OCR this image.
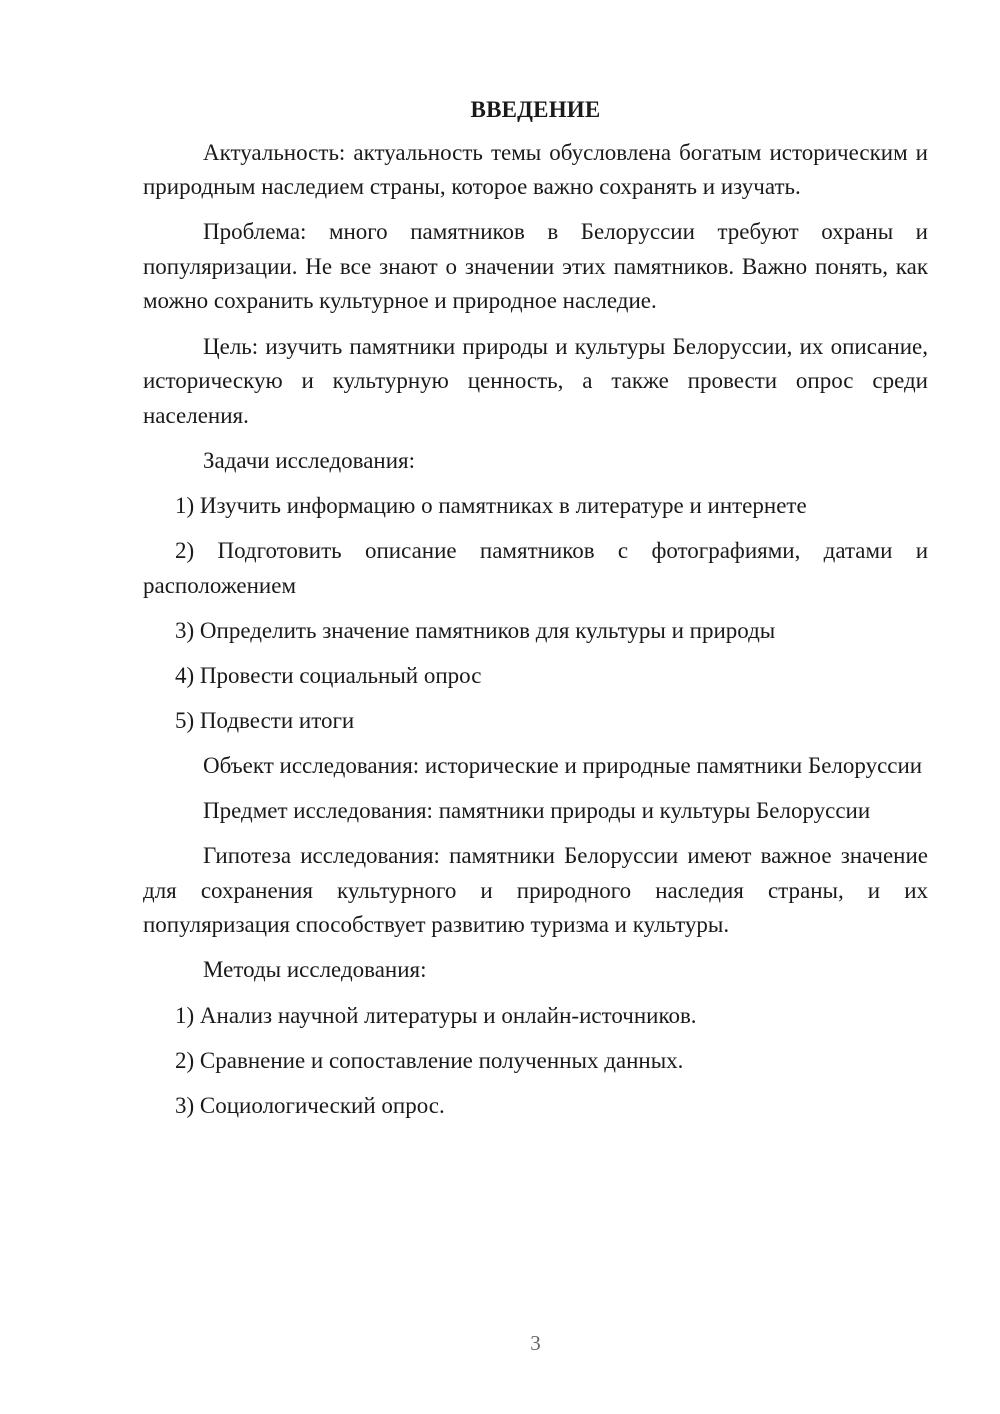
ВВЕДЕНИЕ
Актуальность: актуальность темы обусловлена богатым историческим и природным наследием страны, которое важно сохранять и изучать.
Проблема: много памятников в Белоруссии требуют охраны и популяризации. Не все знают о значении этих памятников. Важно понять, как можно сохранить культурное и природное наследие.
Цель: изучить памятники природы и культуры Белоруссии, их описание, историческую и культурную ценность, а также провести опрос среди населения.
Задачи исследования:
1) Изучить информацию о памятниках в литературе и интернете
2) Подготовить описание памятников с фотографиями, датами и расположением
3) Определить значение памятников для культуры и природы
4) Провести социальный опрос
5) Подвести итоги
Объект исследования: исторические и природные памятники Белоруссии
Предмет исследования: памятники природы и культуры Белоруссии
Гипотеза исследования: памятники Белоруссии имеют важное значение для сохранения культурного и природного наследия страны, и их популяризация способствует развитию туризма и культуры.
Методы исследования:
1) Анализ научной литературы и онлайн-источников.
2) Сравнение и сопоставление полученных данных.
3) Социологический опрос.
3
